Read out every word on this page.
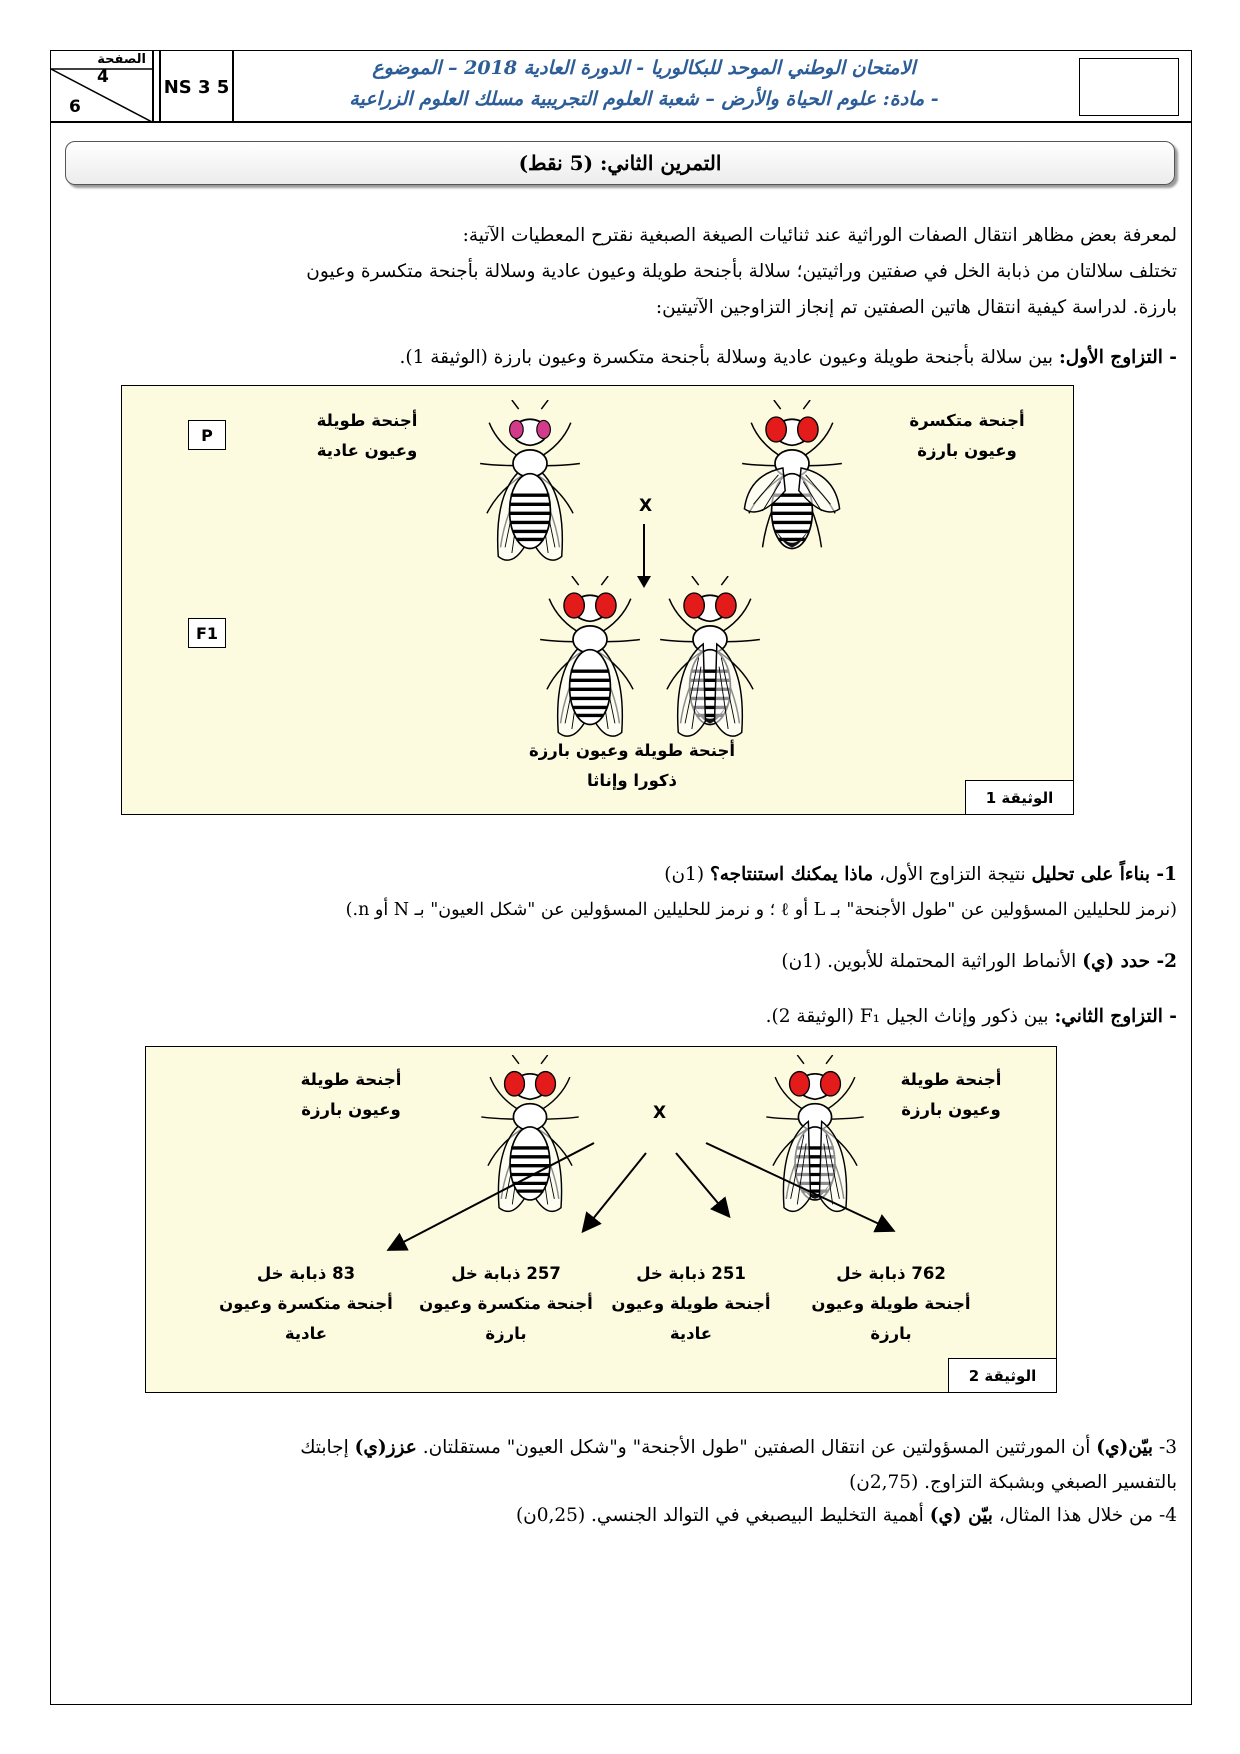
الصفحة
4
6
NS 3 5
الامتحان الوطني الموحد للبكالوريا - الدورة العادية 2018 – الموضوع
- مادة: علوم الحياة والأرض – شعبة العلوم التجريبية مسلك العلوم الزراعية
التمرين الثاني: (5 نقط)
لمعرفة بعض مظاهر انتقال الصفات الوراثية عند ثنائيات الصيغة الصبغية نقترح المعطيات الآتية:
تختلف سلالتان من ذبابة الخل في صفتين وراثيتين؛ سلالة بأجنحة طويلة وعيون عادية وسلالة بأجنحة متكسرة وعيون
بارزة. لدراسة كيفية انتقال هاتين الصفتين تم إنجاز التزاوجين الآتيتين:
- التزاوج الأول: بين سلالة بأجنحة طويلة وعيون عادية وسلالة بأجنحة متكسرة وعيون بارزة (الوثيقة 1).
P
F1
أجنحة طويلة
وعيون عادية
أجنحة متكسرة
وعيون بارزة
X
أجنحة طويلة وعيون بارزة
ذكورا وإناثا
الوثيقة 1
1- بناءاً على تحليل نتيجة التزاوج الأول، ماذا يمكنك استنتاجه؟ (1ن)
(نرمز للحليلين المسؤولين عن "طول الأجنحة" بـ L أو ℓ ؛ و نرمز للحليلين المسؤولين عن "شكل العيون" بـ N أو n.)
2- حدد (ي) الأنماط الوراثية المحتملة للأبوين. (1ن)
- التزاوج الثاني: بين ذكور وإناث الجيل F₁ (الوثيقة 2).
أجنحة طويلة
وعيون بارزة
أجنحة طويلة
وعيون بارزة
X
83 ذبابة خل
أجنحة متكسرة وعيون
عادية
257 ذبابة خل
أجنحة متكسرة وعيون
بارزة
251 ذبابة خل
أجنحة طويلة وعيون
عادية
762 ذبابة خل
أجنحة طويلة وعيون
بارزة
الوثيقة 2
3- بيّن(ي) أن المورثتين المسؤولتين عن انتقال الصفتين "طول الأجنحة" و"شكل العيون" مستقلتان. عزز(ي) إجابتك
بالتفسير الصبغي وبشبكة التزاوج. (2,75ن)
4- من خلال هذا المثال، بيّن (ي) أهمية التخليط البيصبغي في التوالد الجنسي. (0,25ن)
